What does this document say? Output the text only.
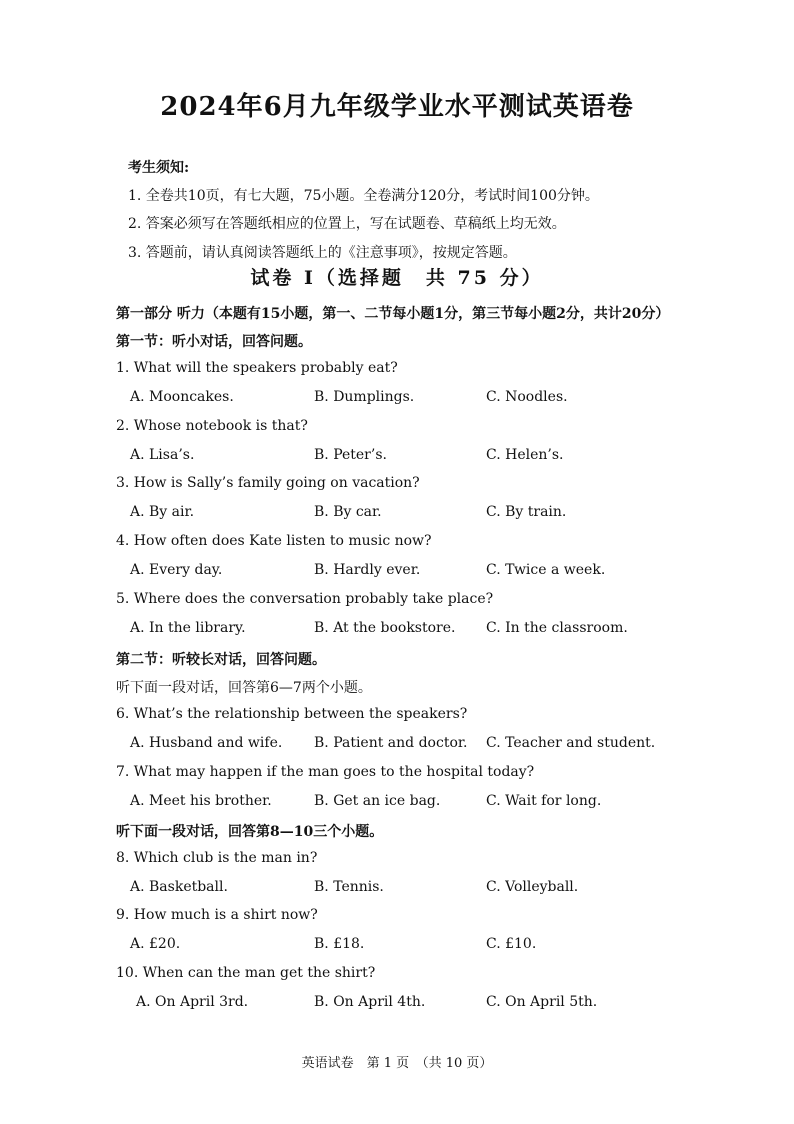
2024年6月九年级学业水平测试英语卷
考生须知:
1. 全卷共10页，有七大题，75小题。全卷满分120分，考试时间100分钟。
2. 答案必须写在答题纸相应的位置上，写在试题卷、草稿纸上均无效。
3. 答题前，请认真阅读答题纸上的《注意事项》，按规定答题。
试卷 I（选择题　共 75 分）
第一部分 听力（本题有15小题，第一、二节每小题1分，第三节每小题2分，共计20分）
第一节：听小对话，回答问题。
1. What will the speakers probably eat?
A. Mooncakes.	B. Dumplings.	C. Noodles.
2. Whose notebook is that?
A. Lisa’s.	B. Peter’s.	C. Helen’s.
3. How is Sally’s family going on vacation?
A. By air.	B. By car.	C. By train.
4. How often does Kate listen to music now?
A. Every day.	B. Hardly ever.	C. Twice a week.
5. Where does the conversation probably take place?
A. In the library.	B. At the bookstore. C. In the classroom.
第二节：听较长对话，回答问题。
听下面一段对话，回答第6—7两个小题。
6. What’s the relationship between the speakers?
A. Husband and wife. B. Patient and doctor. C. Teacher and student.
7. What may happen if the man goes to the hospital today?
A. Meet his brother.	B. Get an ice bag.	C. Wait for long.
听下面一段对话，回答第8—10三个小题。
8. Which club is the man in?
A. Basketball.	B. Tennis.	C. Volleyball.
9. How much is a shirt now?
A. £20.	B. £18.	C. £10.
10. When can the man get the shirt?
A. On April 3rd.	B. On April 4th.	C. On April 5th.
英语试卷　第 1 页　（共 10 页）
